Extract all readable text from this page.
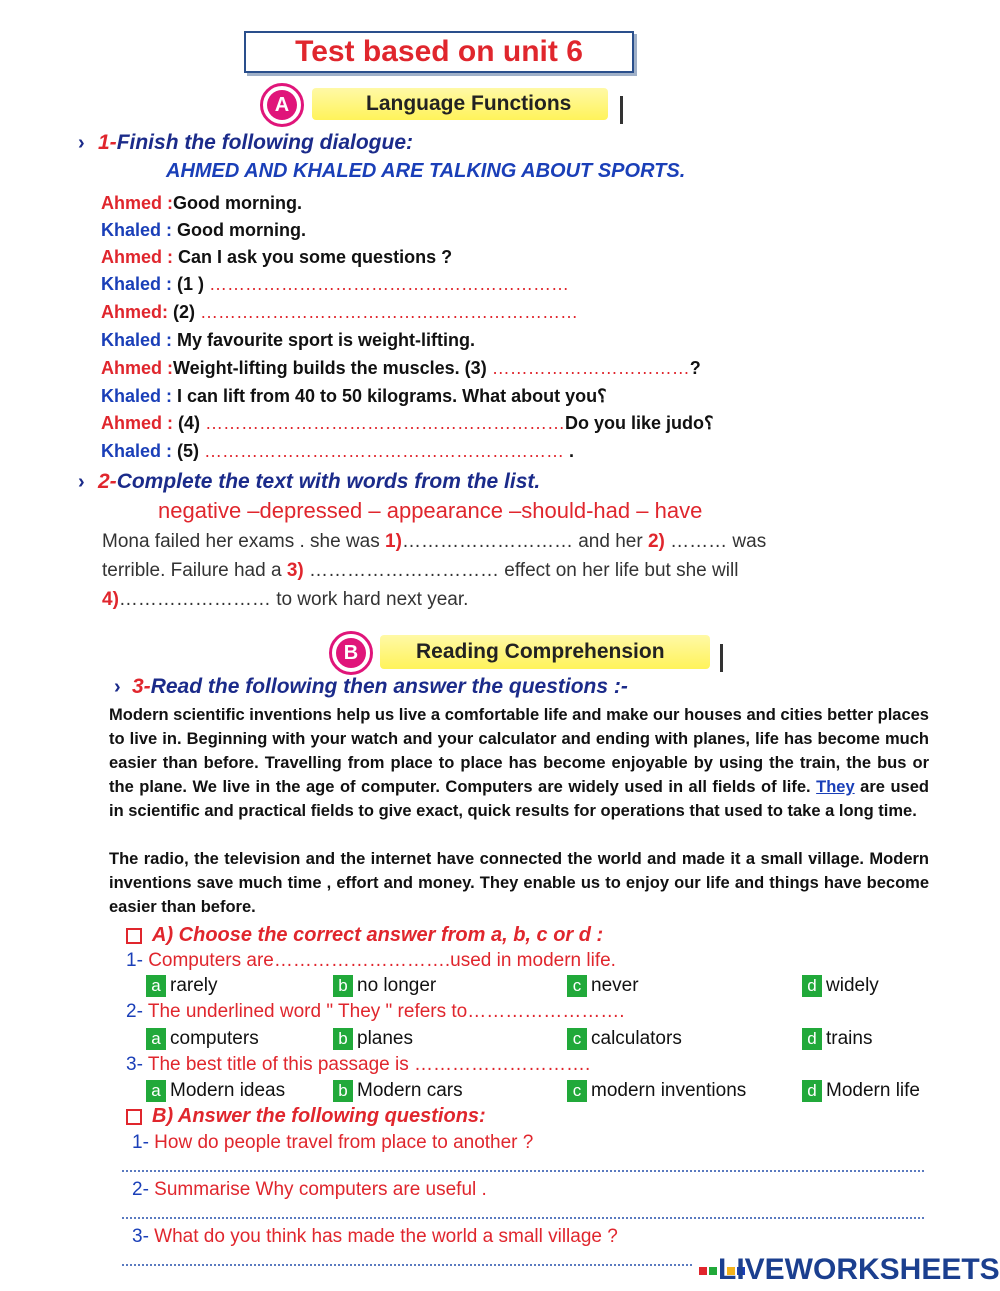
Test based on unit 6
A	Language Functions
› 1-Finish the following dialogue:
AHMED AND KHALED ARE TALKING ABOUT SPORTS.
Ahmed :Good morning.
Khaled : Good morning.
Ahmed : Can I ask you some questions ?
Khaled : (1 ) ……………………………………………………
Ahmed: (2) ………………………………………………………
Khaled : My favourite sport is weight-lifting.
Ahmed :Weight-lifting builds the muscles. (3) ……………………………?
Khaled : I can lift from 40 to 50 kilograms. What about you؟
Ahmed : (4) ……………………………………………………Do you like judo؟
Khaled : (5) …………………………………………………… .
› 2-Complete the text with words from the list.
negative –depressed – appearance –should-had – have
Mona failed her exams . she was 1)……………………… and her 2) ……… was
terrible. Failure had a 3) ………………………… effect on her life but she will
4)…………………… to work hard next year.
B	Reading Comprehension
› 3-Read the following then answer the questions :-
Modern scientific inventions help us live a comfortable life and make our houses and cities better places to live in. Beginning with your watch and your calculator and ending with planes, life has become much easier than before. Travelling from place to place has become enjoyable by using the train, the bus or the plane. We live in the age of computer. Computers are widely used in all fields of life. They are used in scientific and practical fields to give exact, quick results for operations that used to take a long time.
The radio, the television and the internet have connected the world and made it a small village. Modern inventions save much time , effort and money. They enable us to enjoy our life and things have become easier than before.
A) Choose the correct answer from a, b, c or d :
1- Computers are……………………….used in modern life.
a rarely	b no longer	c never	d widely
2- The underlined word " They " refers to…………………….
a computers	b planes	c calculators	d trains
3- The best title of this passage is ……………………….
a Modern ideas	b Modern cars	c modern inventions	d Modern life
B) Answer the following questions:
1- How do people travel from place to another ?
2- Summarise Why computers are useful .
3- What do you think has made the world a small village ?
LIVEWORKSHEETS
